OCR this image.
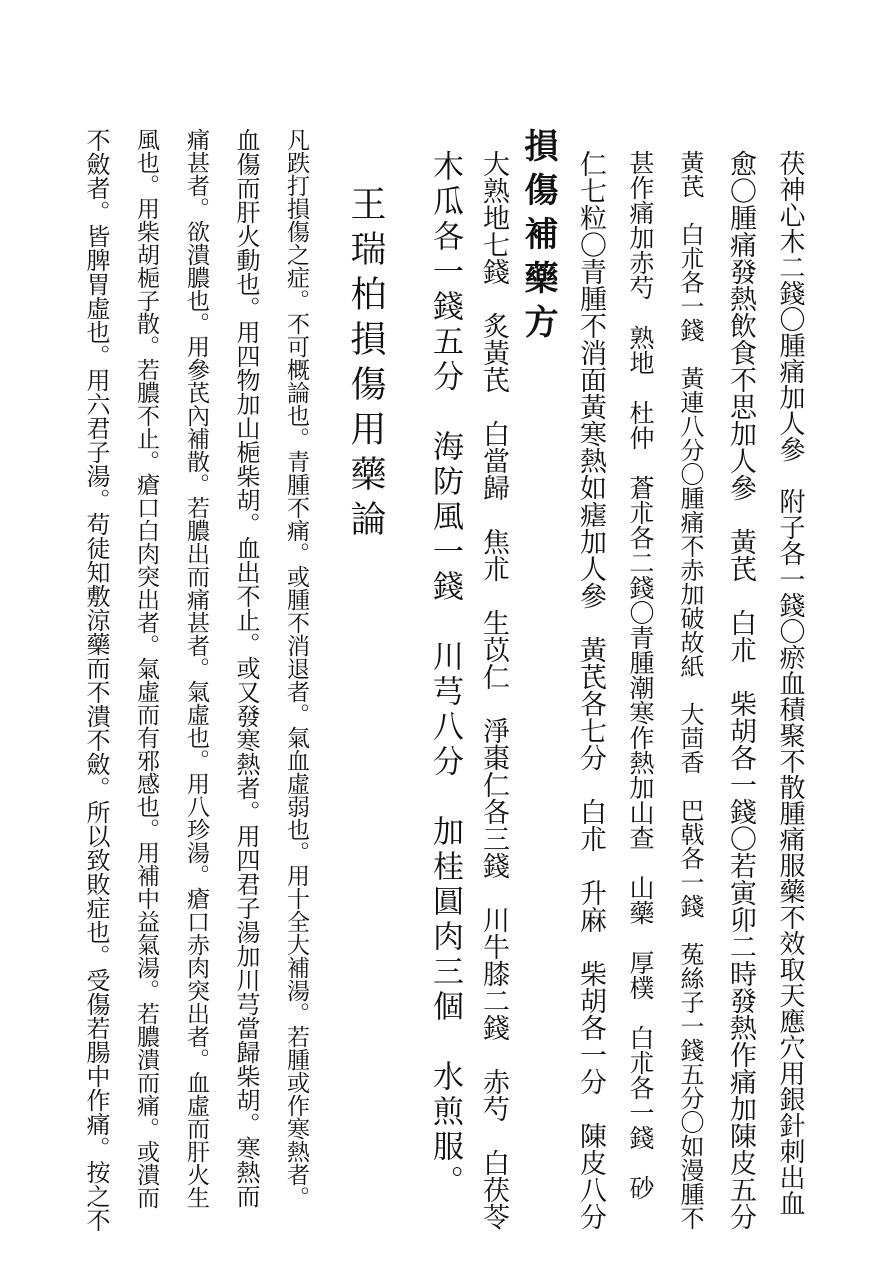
茯神心木二錢〇腫痛加人參　附子各一錢〇瘀血積聚不散腫痛服藥不效取天應穴用銀針刺出血

愈〇腫痛發熱飲食不思加人參　黃芪　白朮　柴胡各一錢〇若寅卯二時發熱作痛加陳皮五分

黃芪　白朮各一錢　黃連八分〇腫痛不赤加破故紙　大茴香　巴戟各一錢　菟絲子一錢五分〇如漫腫不

甚作痛加赤芍　熟地　杜仲　蒼朮各二錢〇青腫潮寒作熱加山查　山藥　厚樸　白朮各一錢　砂

仁七粒〇青腫不消面黃寒熱如瘧加人參　黃芪各七分　白朮　升麻　柴胡各一分　陳皮八分

損傷補藥方

大熟地七錢　炙黃芪　白當歸　焦朮　生苡仁　淨棗仁各三錢　川牛膝二錢　赤芍　白茯苓

木瓜各一錢五分　海防風一錢　川芎八分　加桂圓肉三個　水煎服。

王瑞柏損傷用藥論

凡跌打損傷之症。不可概論也。青腫不痛。或腫不消退者。氣血虛弱也。用十全大補湯。若腫或作寒熱者。

血傷而肝火動也。用四物加山梔柴胡。血出不止。或又發寒熱者。用四君子湯加川芎當歸柴胡。寒熱而

痛甚者。欲潰膿也。用參芪內補散。若膿出而痛甚者。氣虛也。用八珍湯。瘡口赤肉突出者。血虛而肝火生

風也。用柴胡梔子散。若膿不止。瘡口白肉突出者。氣虛而有邪感也。用補中益氣湯。若膿潰而痛。或潰而

不斂者。皆脾胃虛也。用六君子湯。苟徒知敷涼藥而不潰不斂。所以致敗症也。受傷若腸中作痛。按之不
